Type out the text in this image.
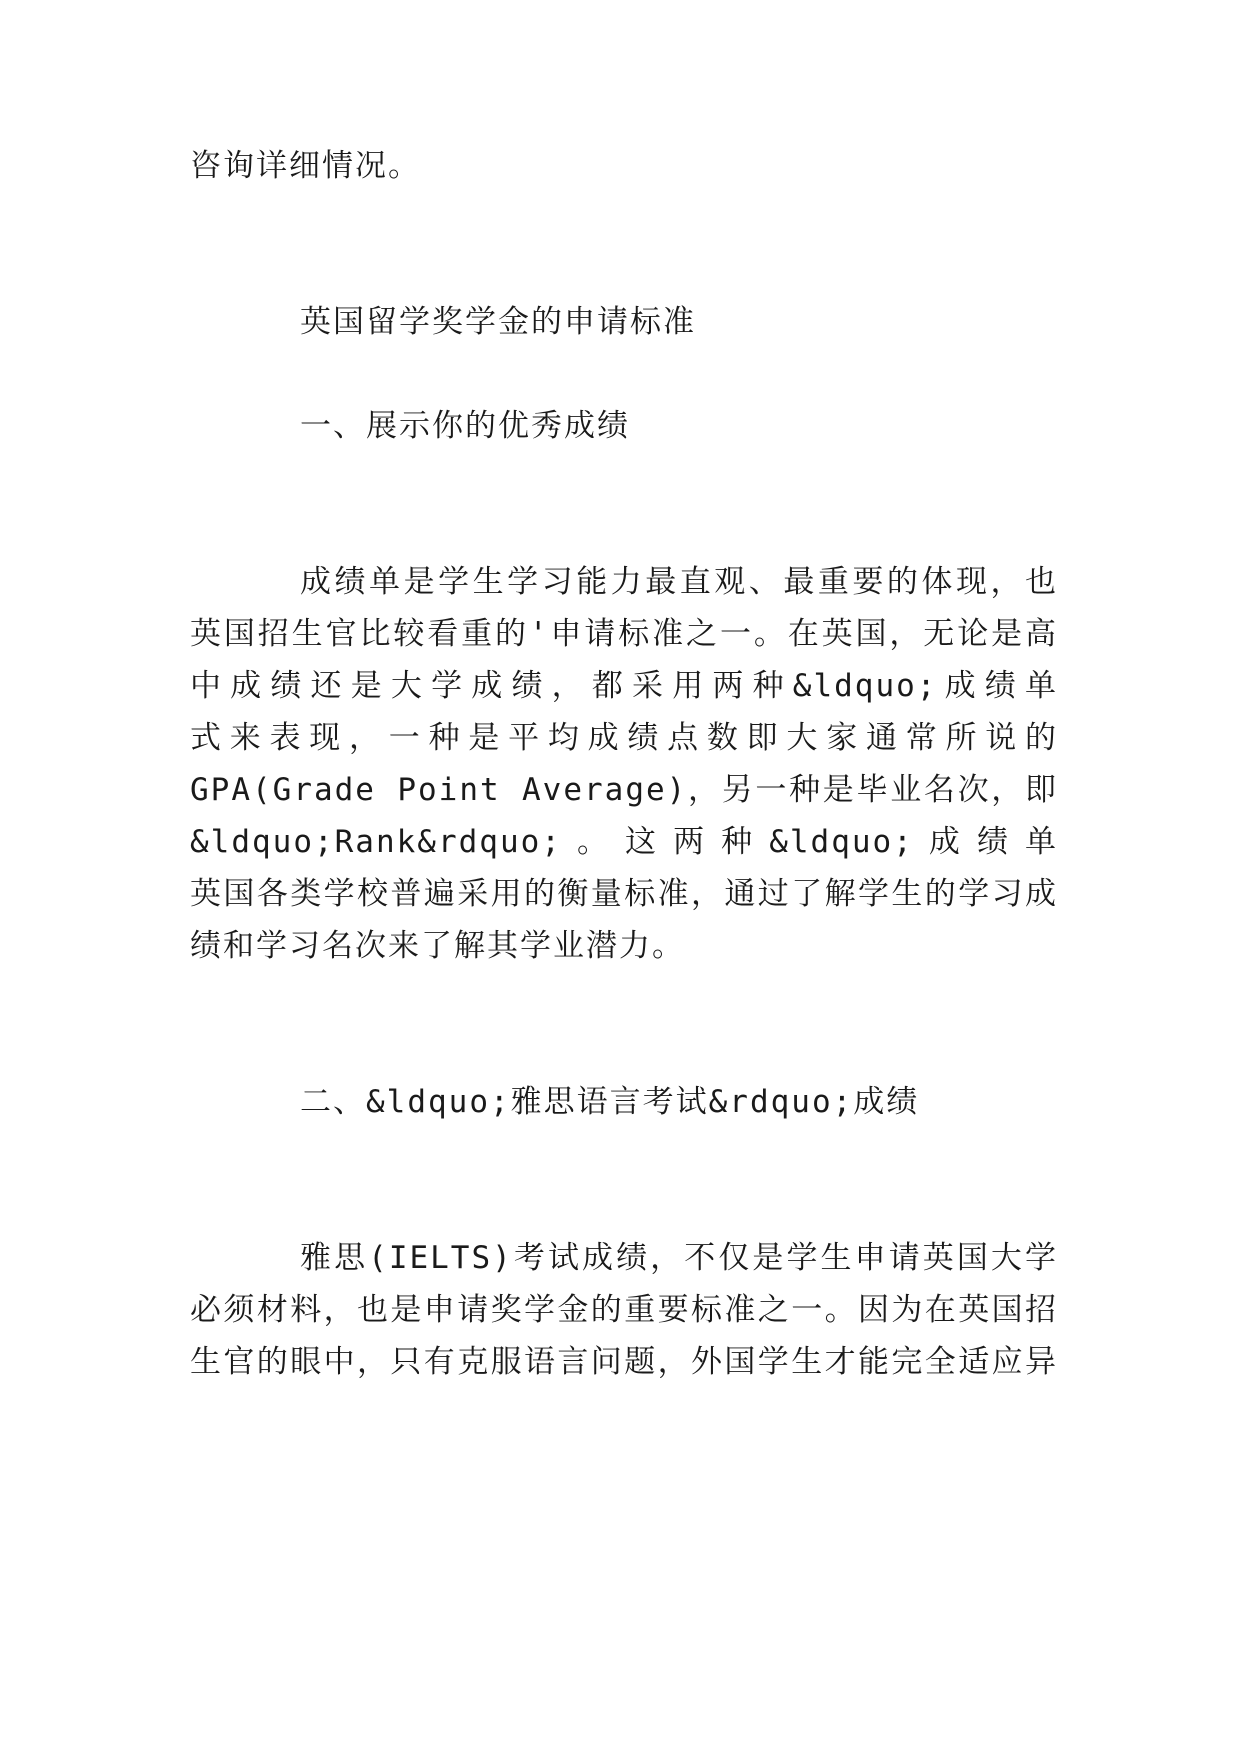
咨询详细情况。
英国留学奖学金的申请标准
一、展示你的优秀成绩
成绩单是学生学习能力最直观、最重要的体现，也
英国招生官比较看重的'申请标准之一。在英国，无论是高
中成绩还是大学成绩，都采用两种&ldquo;成绩单
式来表现，一种是平均成绩点数即大家通常所说的
GPA(Grade Point Average)，另一种是毕业名次，即
&ldquo;Rank&rdquo;。这两种&ldquo;成绩单
英国各类学校普遍采用的衡量标准，通过了解学生的学习成
绩和学习名次来了解其学业潜力。
二、&ldquo;雅思语言考试&rdquo;成绩
雅思(IELTS)考试成绩，不仅是学生申请英国大学
必须材料，也是申请奖学金的重要标准之一。因为在英国招
生官的眼中，只有克服语言问题，外国学生才能完全适应异
